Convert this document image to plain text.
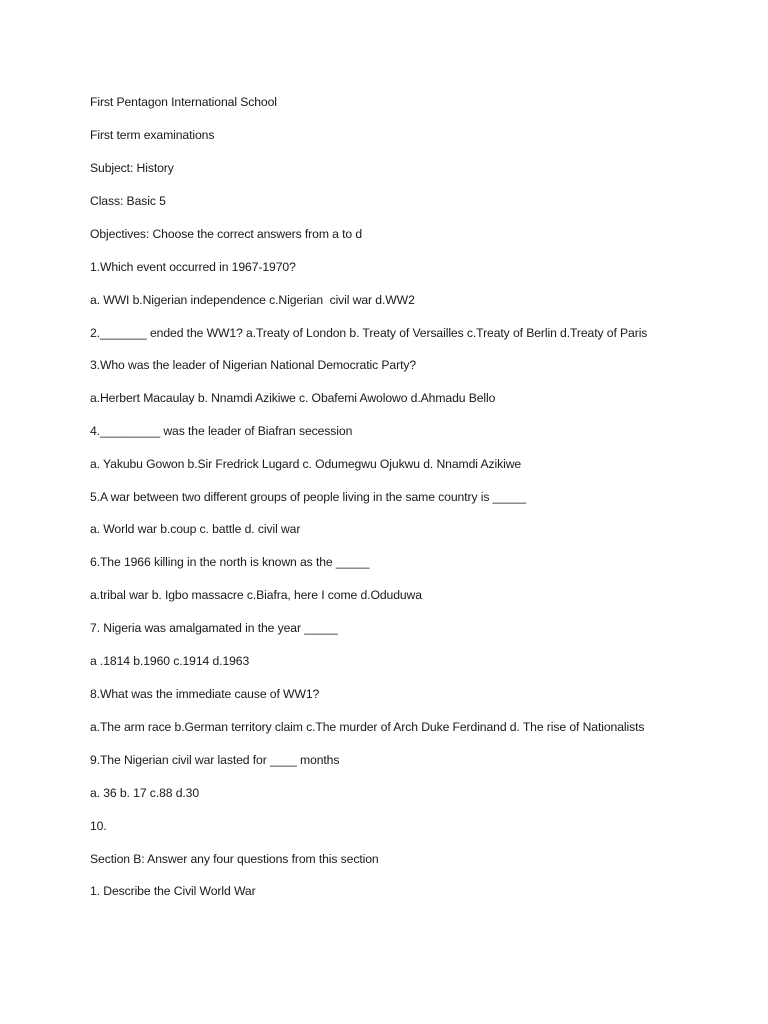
First Pentagon International School

First term examinations

Subject: History

Class: Basic 5

Objectives: Choose the correct answers from a to d

1.Which event occurred in 1967-1970?

a. WWI b.Nigerian independence c.Nigerian  civil war d.WW2

2._______ ended the WW1? a.Treaty of London b. Treaty of Versailles c.Treaty of Berlin d.Treaty of Paris

3.Who was the leader of Nigerian National Democratic Party?

a.Herbert Macaulay b. Nnamdi Azikiwe c. Obafemi Awolowo d.Ahmadu Bello

4._________ was the leader of Biafran secession

a. Yakubu Gowon b.Sir Fredrick Lugard c. Odumegwu Ojukwu d. Nnamdi Azikiwe

5.A war between two different groups of people living in the same country is _____

a. World war b.coup c. battle d. civil war

6.The 1966 killing in the north is known as the _____

a.tribal war b. Igbo massacre c.Biafra, here I come d.Oduduwa

7. Nigeria was amalgamated in the year _____

a .1814 b.1960 c.1914 d.1963

8.What was the immediate cause of WW1?

a.The arm race b.German territory claim c.The murder of Arch Duke Ferdinand d. The rise of Nationalists

9.The Nigerian civil war lasted for ____ months

a. 36 b. 17 c.88 d.30

10.

Section B: Answer any four questions from this section

1. Describe the Civil World War
